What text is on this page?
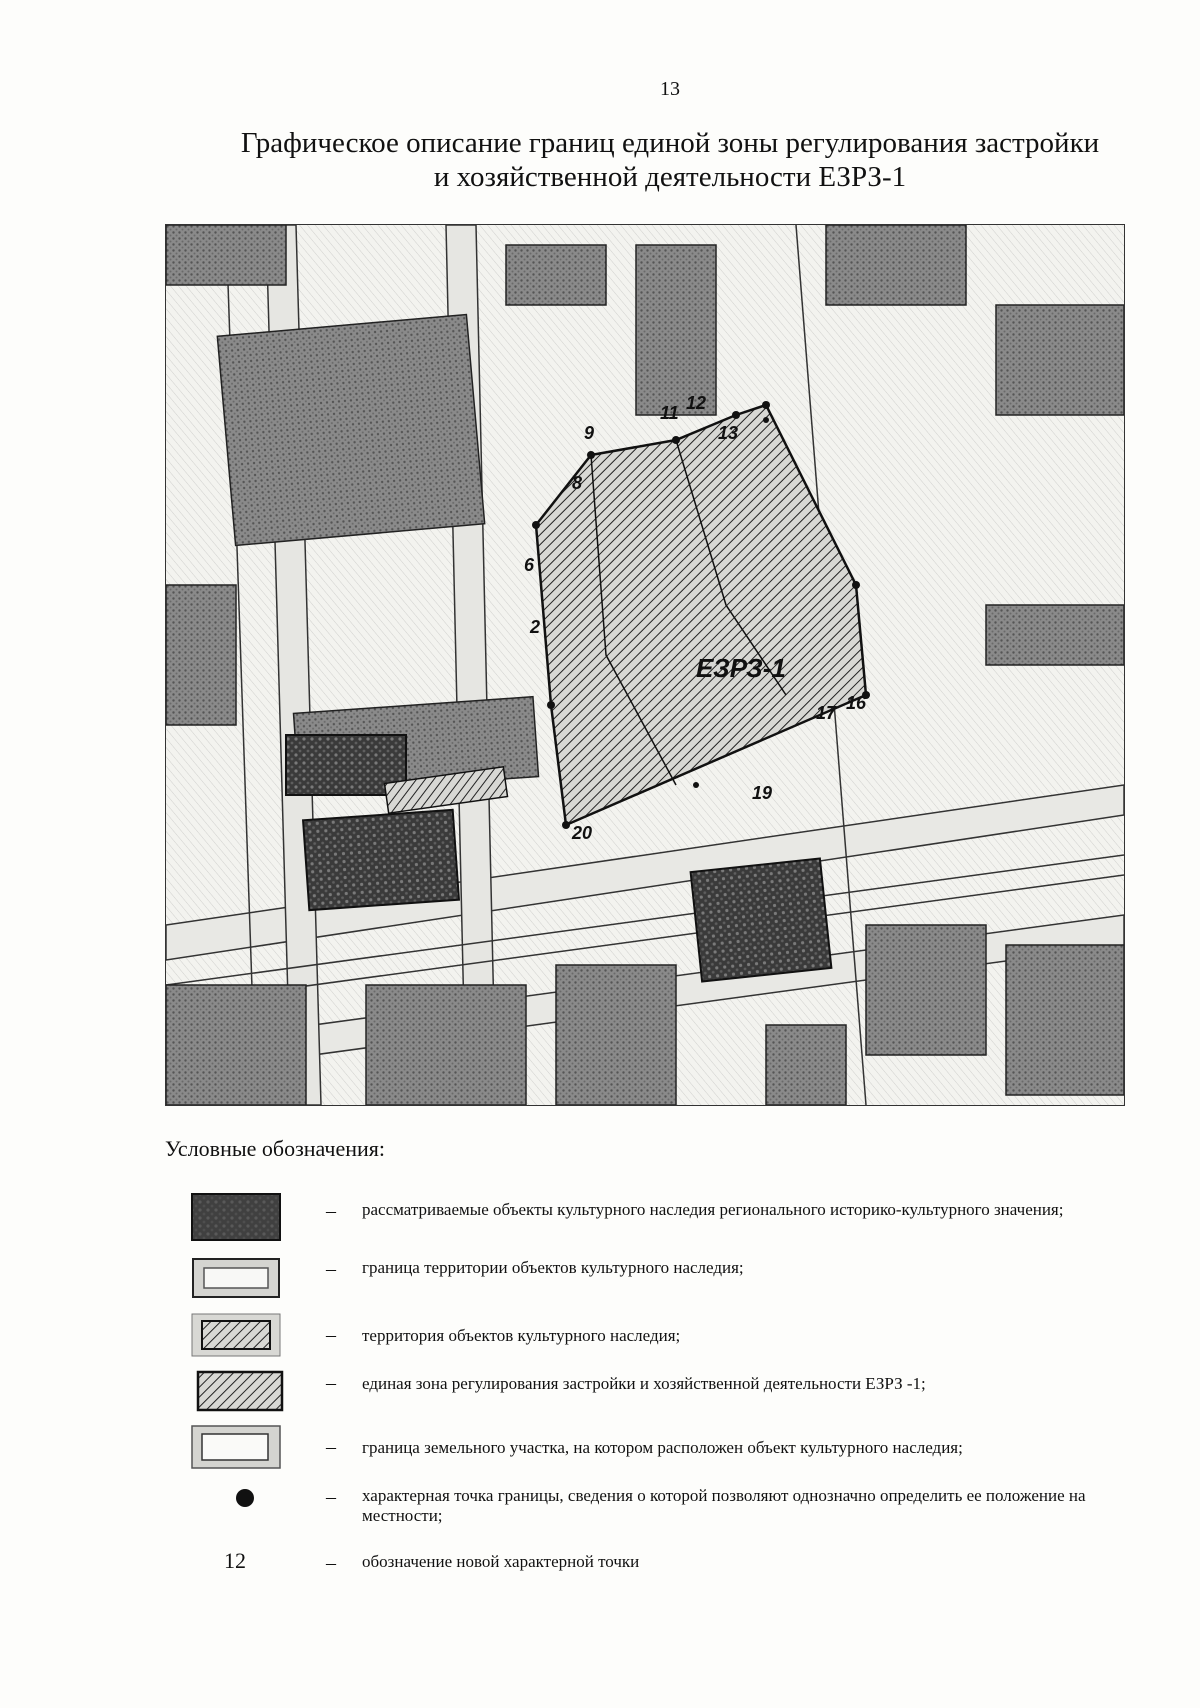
13
Графическое описание границ единой зоны регулирования застройки
и хозяйственной деятельности ЕЗРЗ-1
ЕЗРЗ-1
2
6
8
9
11 12
13
16
17
19
20
Условные обозначения:
– рассматриваемые объекты культурного наследия регионального историко-культурного значения;
– граница территории объектов культурного наследия;
– территория объектов культурного наследия;
– единая зона регулирования застройки и хозяйственной деятельности ЕЗРЗ -1;
– граница земельного участка, на котором расположен объект культурного наследия;
– характерная точка границы, сведения о которой позволяют однозначно определить ее положение на местности;
12	– обозначение новой характерной точки
